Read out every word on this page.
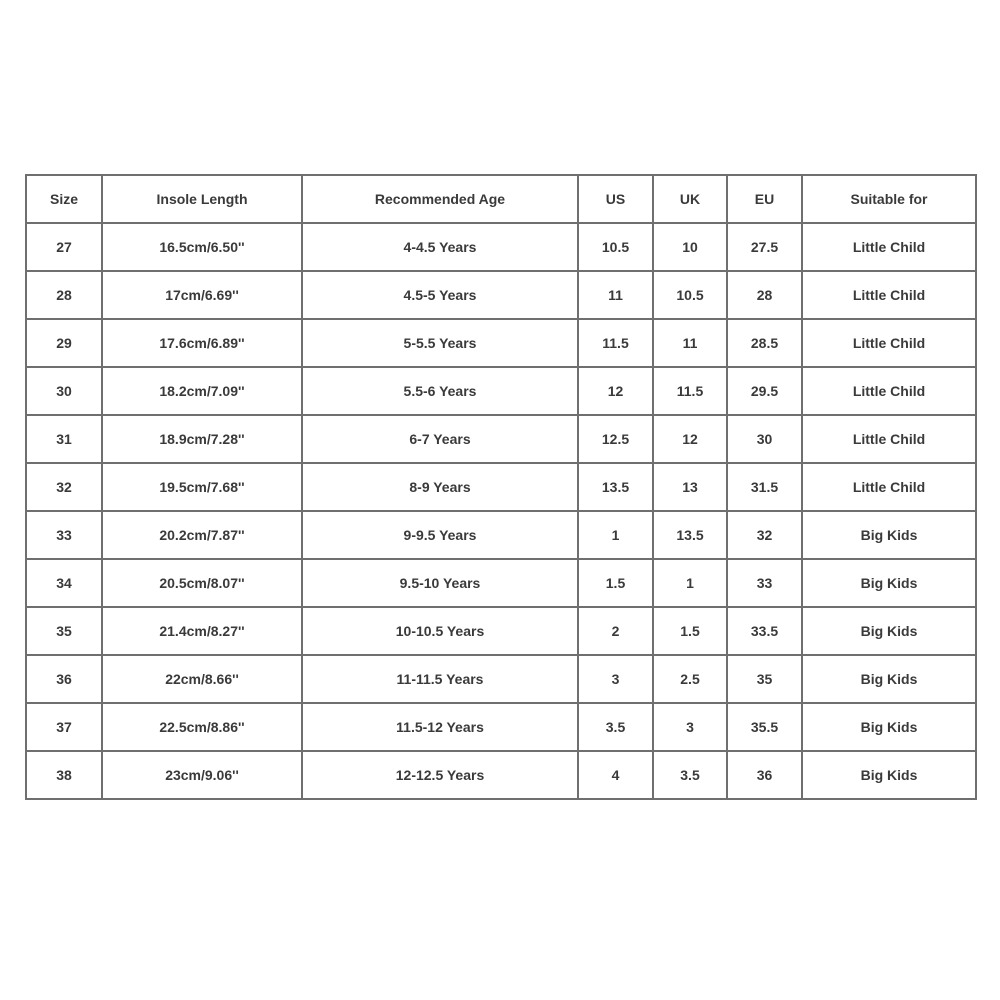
Size	Insole Length	Recommended Age	US	UK	EU	Suitable for
27	16.5cm/6.50''	4-4.5 Years	10.5	10	27.5	Little Child
28	17cm/6.69''	4.5-5 Years	11	10.5	28	Little Child
29	17.6cm/6.89''	5-5.5 Years	11.5	11	28.5	Little Child
30	18.2cm/7.09''	5.5-6 Years	12	11.5	29.5	Little Child
31	18.9cm/7.28''	6-7 Years	12.5	12	30	Little Child
32	19.5cm/7.68''	8-9 Years	13.5	13	31.5	Little Child
33	20.2cm/7.87''	9-9.5 Years	1	13.5	32	Big Kids
34	20.5cm/8.07''	9.5-10 Years	1.5	1	33	Big Kids
35	21.4cm/8.27''	10-10.5 Years	2	1.5	33.5	Big Kids
36	22cm/8.66''	11-11.5 Years	3	2.5	35	Big Kids
37	22.5cm/8.86''	11.5-12 Years	3.5	3	35.5	Big Kids
38	23cm/9.06''	12-12.5 Years	4	3.5	36	Big Kids
